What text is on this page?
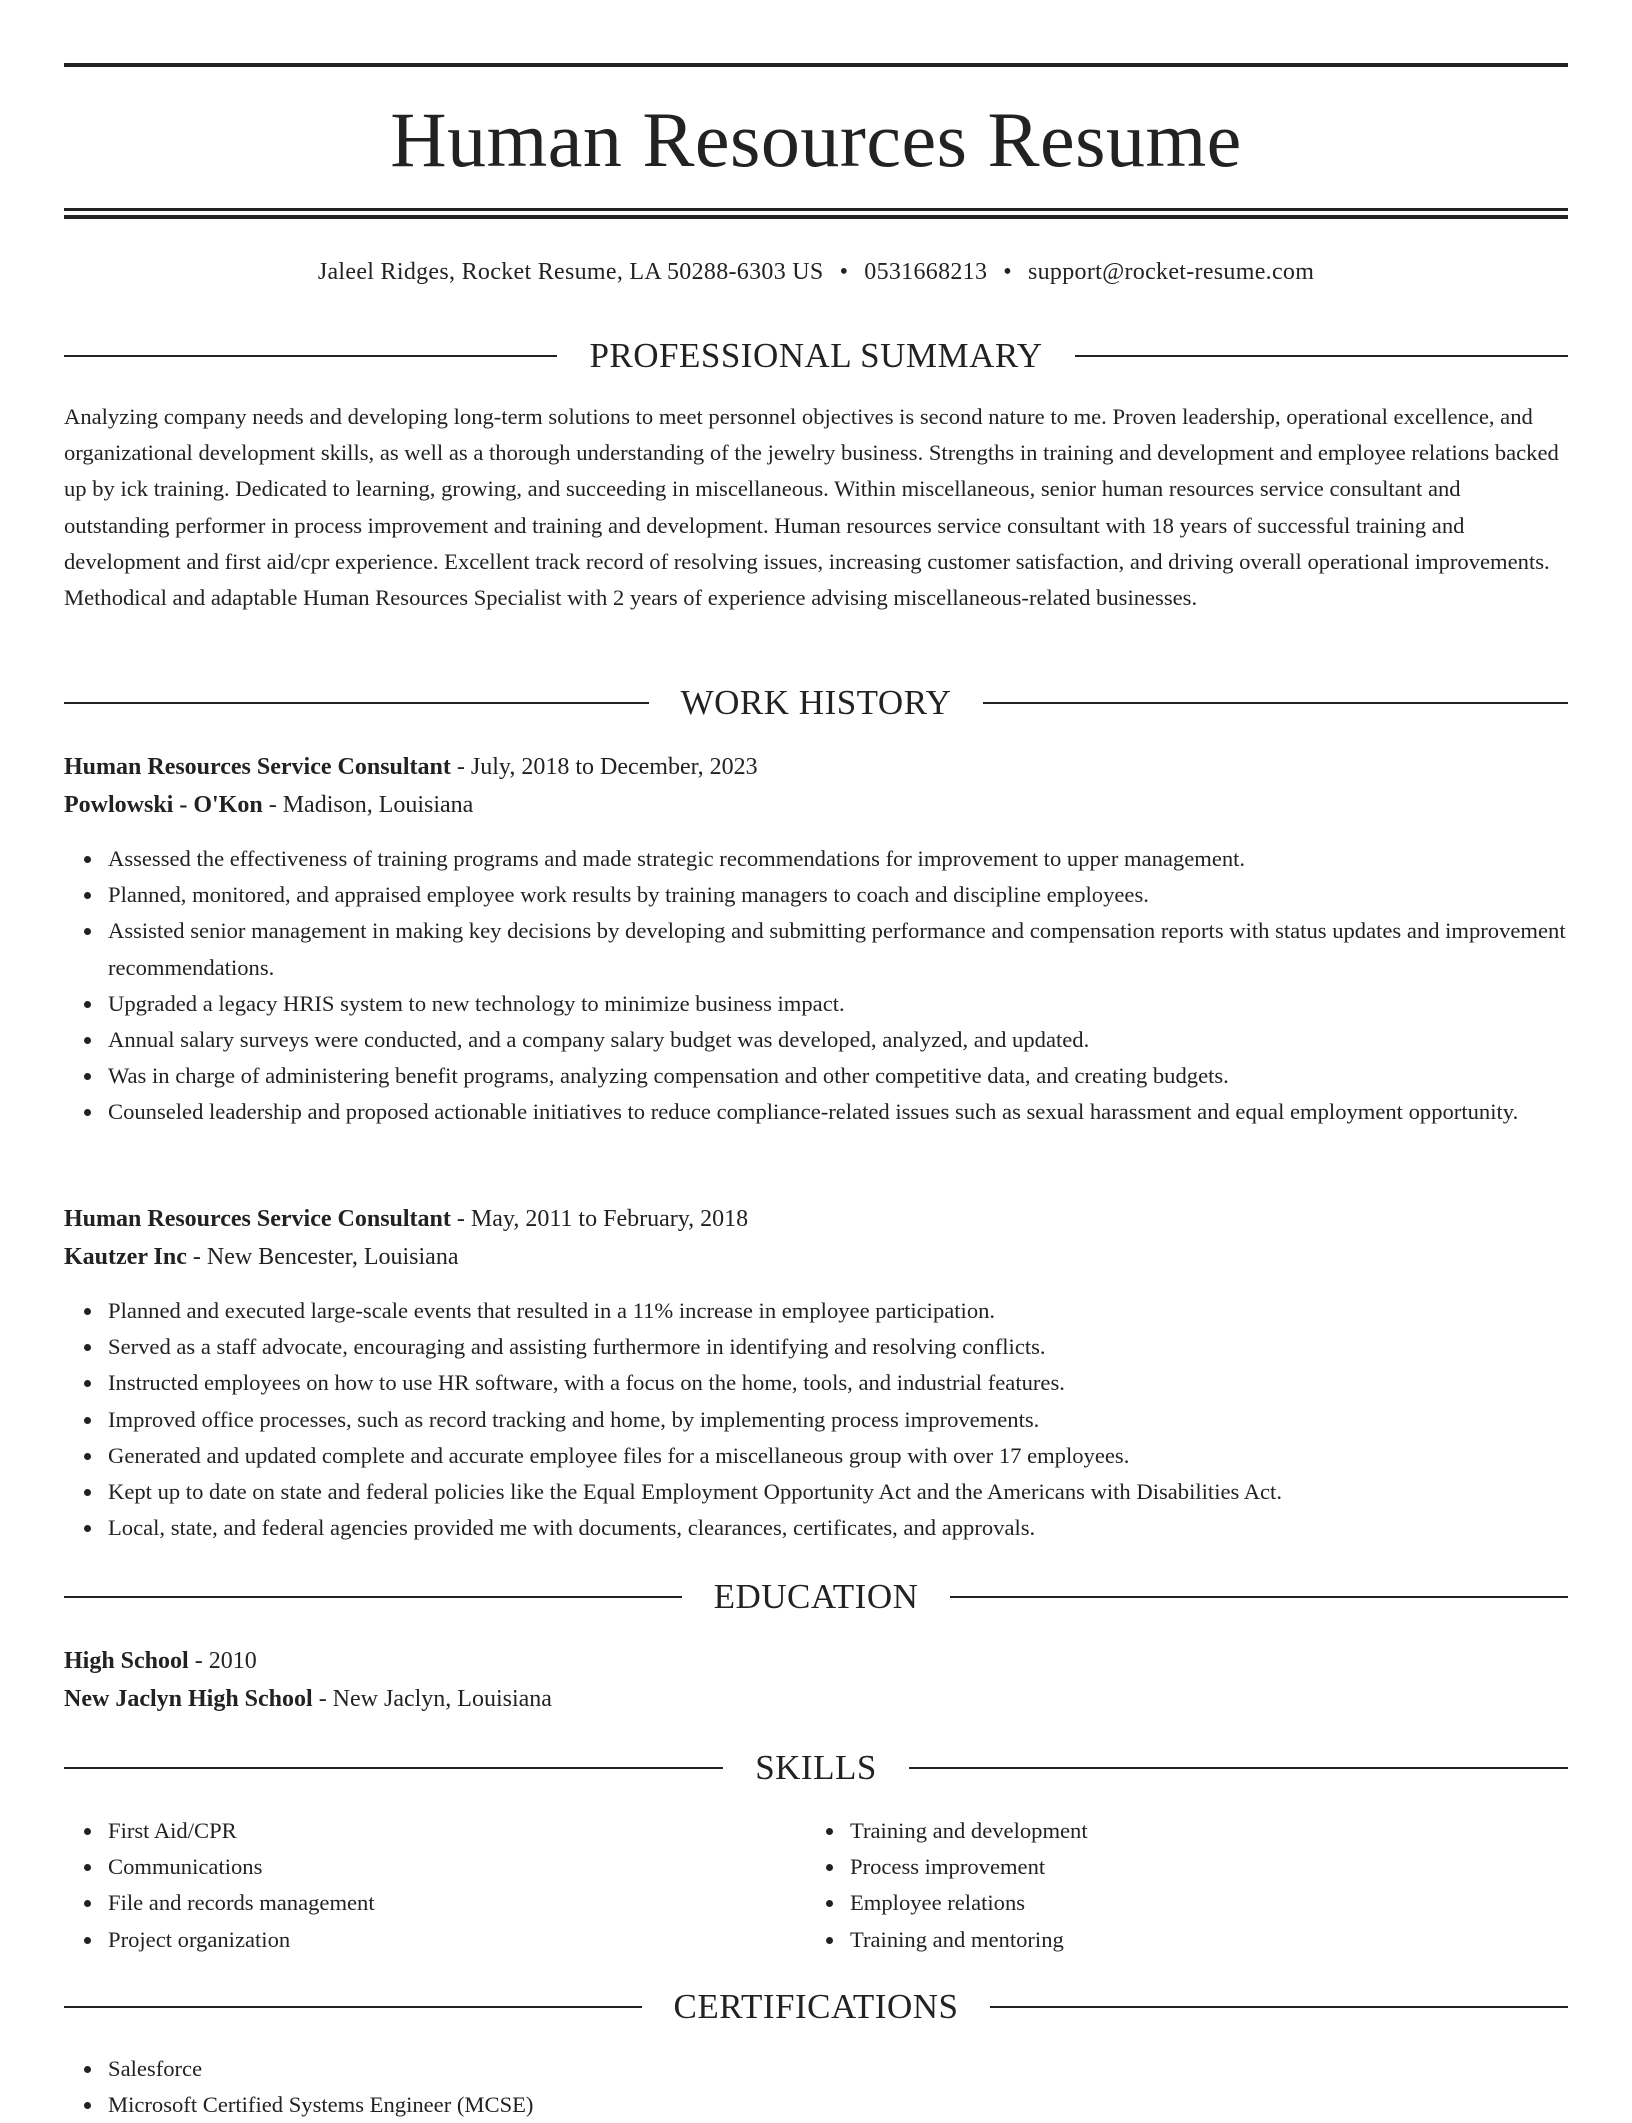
Human Resources Resume
Jaleel Ridges, Rocket Resume, LA 50288-6303 US • 0531668213 • support@rocket-resume.com
PROFESSIONAL SUMMARY

Analyzing company needs and developing long-term solutions to meet personnel objectives is second nature to me. Proven leadership, operational excellence, and organizational development skills, as well as a thorough understanding of the jewelry business. Strengths in training and development and employee relations backed up by ick training. Dedicated to learning, growing, and succeeding in miscellaneous. Within miscellaneous, senior human resources service consultant and outstanding performer in process improvement and training and development. Human resources service consultant with 18 years of successful training and development and first aid/cpr experience. Excellent track record of resolving issues, increasing customer satisfaction, and driving overall operational improvements. Methodical and adaptable Human Resources Specialist with 2 years of experience advising miscellaneous-related businesses.

WORK HISTORY
Human Resources Service Consultant - July, 2018 to December, 2023
Powlowski - O'Kon - Madison, Louisiana
Assessed the effectiveness of training programs and made strategic recommendations for improvement to upper management.
Planned, monitored, and appraised employee work results by training managers to coach and discipline employees.
Assisted senior management in making key decisions by developing and submitting performance and compensation reports with status updates and improvement recommendations.
Upgraded a legacy HRIS system to new technology to minimize business impact.
Annual salary surveys were conducted, and a company salary budget was developed, analyzed, and updated.
Was in charge of administering benefit programs, analyzing compensation and other competitive data, and creating budgets.
Counseled leadership and proposed actionable initiatives to reduce compliance-related issues such as sexual harassment and equal employment opportunity.
Human Resources Service Consultant - May, 2011 to February, 2018
Kautzer Inc - New Bencester, Louisiana
Planned and executed large-scale events that resulted in a 11% increase in employee participation.
Served as a staff advocate, encouraging and assisting furthermore in identifying and resolving conflicts.
Instructed employees on how to use HR software, with a focus on the home, tools, and industrial features.
Improved office processes, such as record tracking and home, by implementing process improvements.
Generated and updated complete and accurate employee files for a miscellaneous group with over 17 employees.
Kept up to date on state and federal policies like the Equal Employment Opportunity Act and the Americans with Disabilities Act.
Local, state, and federal agencies provided me with documents, clearances, certificates, and approvals.
EDUCATION
High School - 2010
New Jaclyn High School - New Jaclyn, Louisiana
SKILLS
First Aid/CPR
Communications
File and records management
Project organization
Training and development
Process improvement
Employee relations
Training and mentoring
CERTIFICATIONS
Salesforce
Microsoft Certified Systems Engineer (MCSE)
